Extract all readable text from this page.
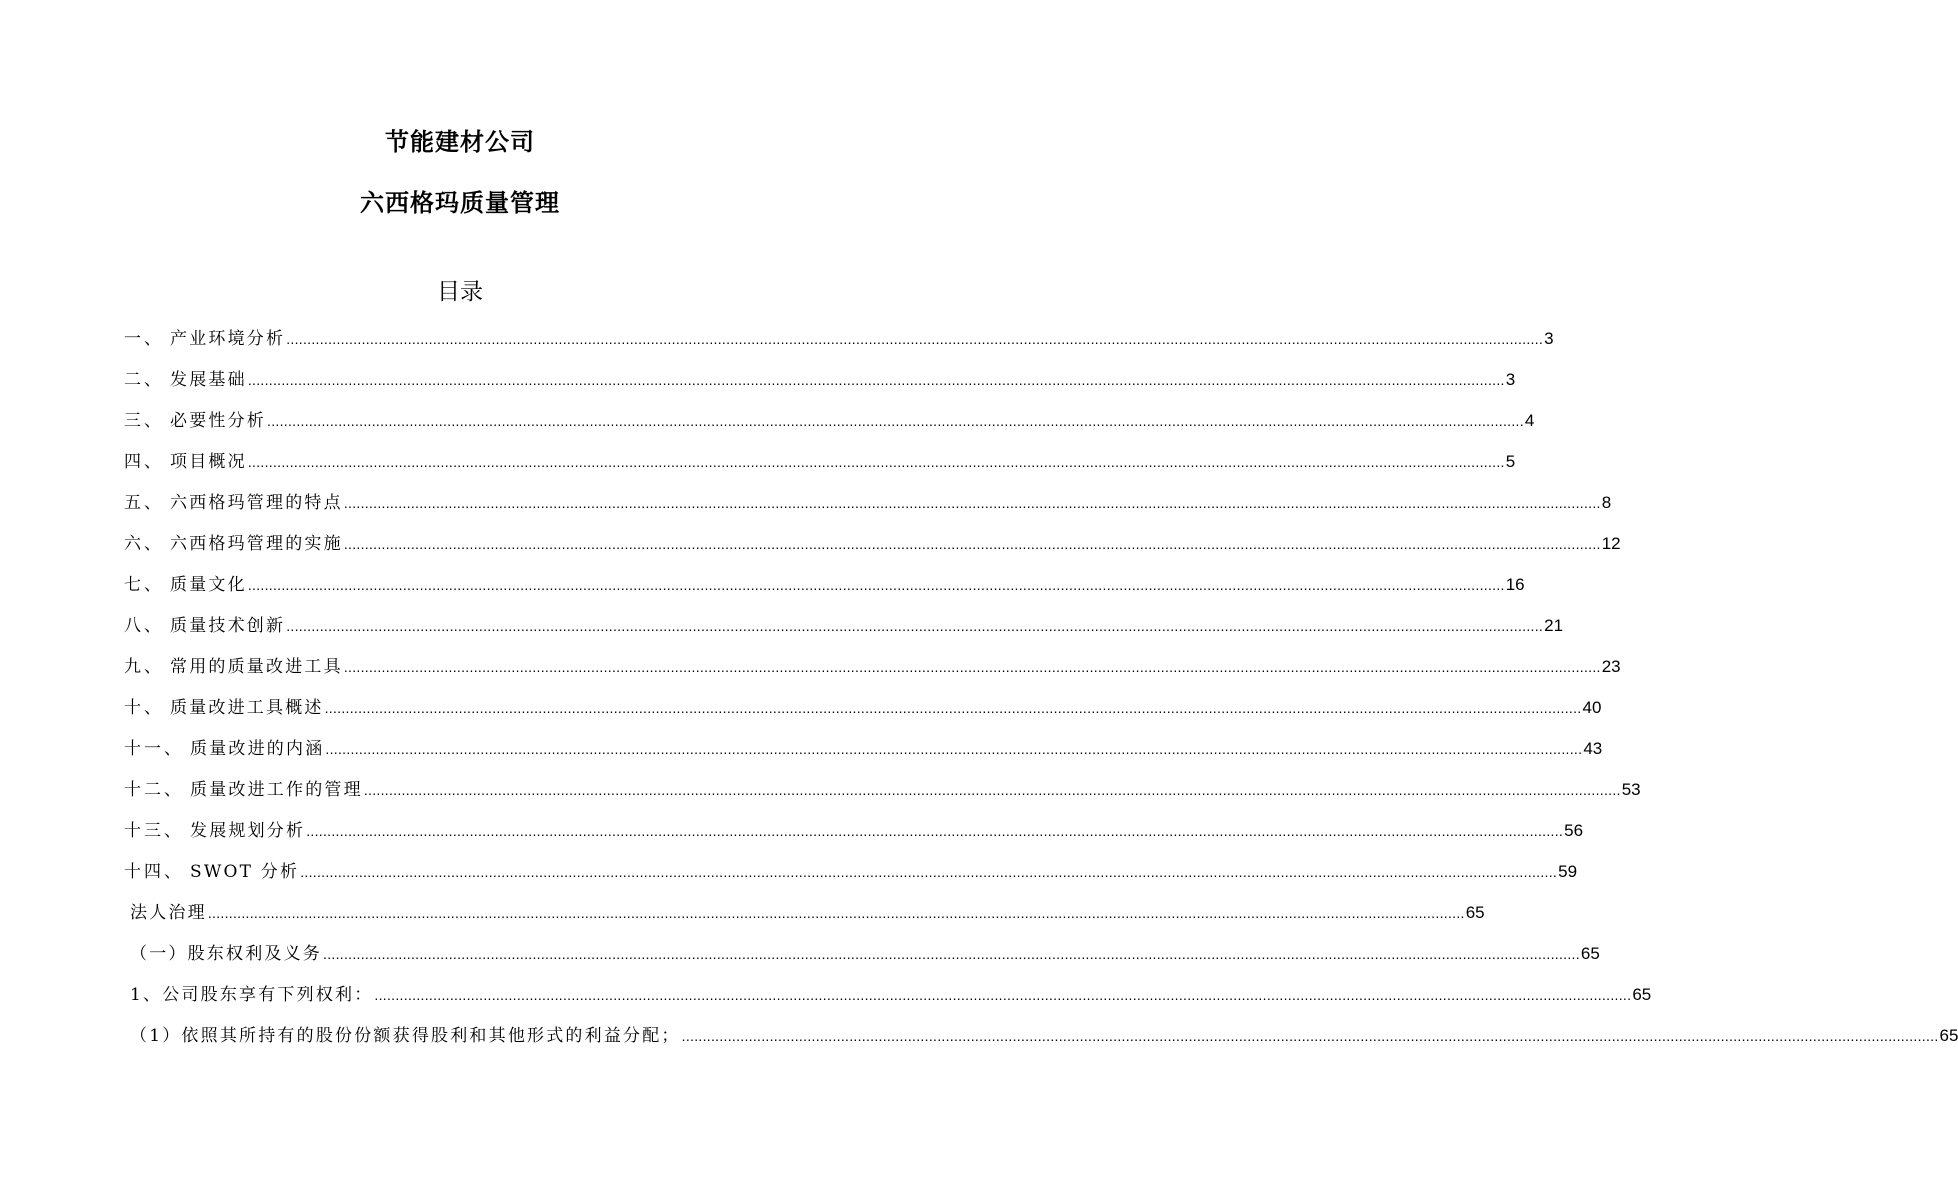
节能建材公司
六西格玛质量管理
目录
一 、 产业环境分析 ............................................................................................................................................................................................................................................................................................................ 3
二 、 发展基础 ............................................................................................................................................................................................................................................................................................................ 3
三 、 必要性分析 ............................................................................................................................................................................................................................................................................................................ 4
四 、 项目概况 ............................................................................................................................................................................................................................................................................................................ 5
五 、 六西格玛管理的特点 ............................................................................................................................................................................................................................................................................................................ 8
六 、 六西格玛管理的实施 ............................................................................................................................................................................................................................................................................................................ 12
七 、 质量文化 ............................................................................................................................................................................................................................................................................................................ 16
八 、 质量技术创新 ............................................................................................................................................................................................................................................................................................................ 21
九 、 常用的质量改进工具 ............................................................................................................................................................................................................................................................................................................ 23
十 、 质量改进工具概述 ............................................................................................................................................................................................................................................................................................................ 40
十一 、 质量改进的内涵 ............................................................................................................................................................................................................................................................................................................ 43
十二 、 质量改进工作的管理 ............................................................................................................................................................................................................................................................................................................ 53
十三 、 发展规划分析 ............................................................................................................................................................................................................................................................................................................ 56
十四 、 SWOT 分析 ............................................................................................................................................................................................................................................................................................................ 59
法人治理 ............................................................................................................................................................................................................................................................................................................ 65
（一）股东权利及义务 ............................................................................................................................................................................................................................................................................................................ 65
1、公司股东享有下列权利： ............................................................................................................................................................................................................................................................................................................ 65
（1）依照其所持有的股份份额获得股利和其他形式的利益分配； ............................................................................................................................................................................................................................................................................................................ 65
